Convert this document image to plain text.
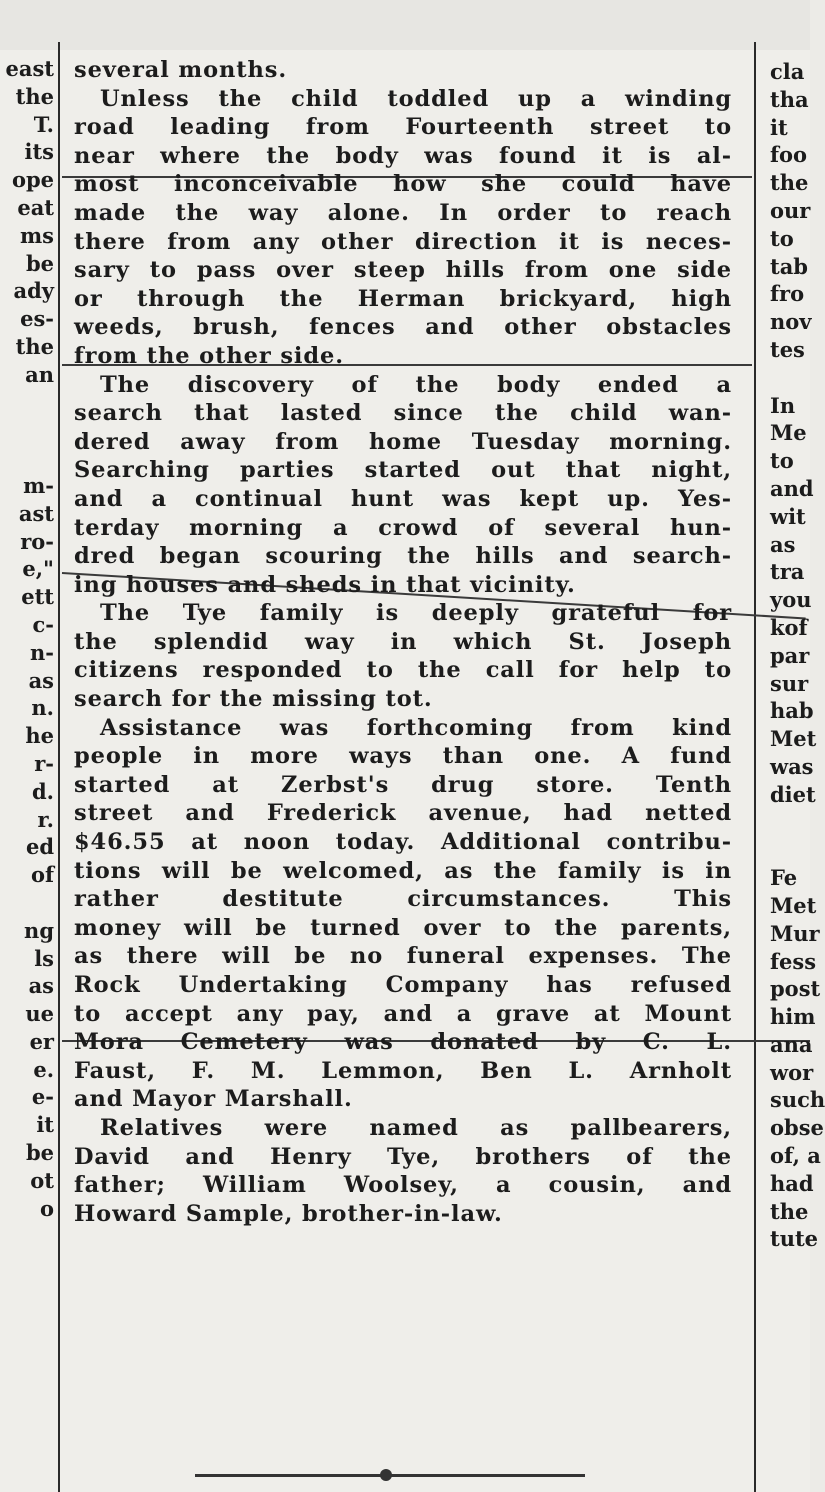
east
the
T.
its
ope
eat
ms
be
ady
es-
the
an
m-
ast
ro-
e,"
ett
c-
n-
as
n.
he
r-
d.
r.
ed
of
ng
ls
as
ue
er
e.
e-
it
be
ot
o
several months.
Unless the child toddled up a winding
road leading from Fourteenth street to
near where the body was found it is al-
most inconceivable how she could have
made the way alone. In order to reach
there from any other direction it is neces-
sary to pass over steep hills from one side
or through the Herman brickyard, high
weeds, brush, fences and other obstacles
from the other side.
The discovery of the body ended a
search that lasted since the child wan-
dered away from home Tuesday morning.
Searching parties started out that night,
and a continual hunt was kept up. Yes-
terday morning a crowd of several hun-
dred began scouring the hills and search-
ing houses and sheds in that vicinity.
The Tye family is deeply grateful for
the splendid way in which St. Joseph
citizens responded to the call for help to
search for the missing tot.
Assistance was forthcoming from kind
people in more ways than one. A fund
started at Zerbst's drug store. Tenth
street and Frederick avenue, had netted
$46.55 at noon today. Additional contribu-
tions will be welcomed, as the family is in
rather destitute circumstances. This
money will be turned over to the parents,
as there will be no funeral expenses. The
Rock Undertaking Company has refused
to accept any pay, and a grave at Mount
Mora Cemetery was donated by C. L.
Faust, F. M. Lemmon, Ben L. Arnholt
and Mayor Marshall.
Relatives were named as pallbearers,
David and Henry Tye, brothers of the
father; William Woolsey, a cousin, and
Howard Sample, brother-in-law.
cla
tha
it
foo
the
our
to
tab
fro
nov
tes
In
Me
to
and
wit
as
tra
you
kof
par
sur
hab
Met
was
diet
Fe
Met
Mur
fess
post
him
ana
wor
such
obse
of, a
had
the
tute
